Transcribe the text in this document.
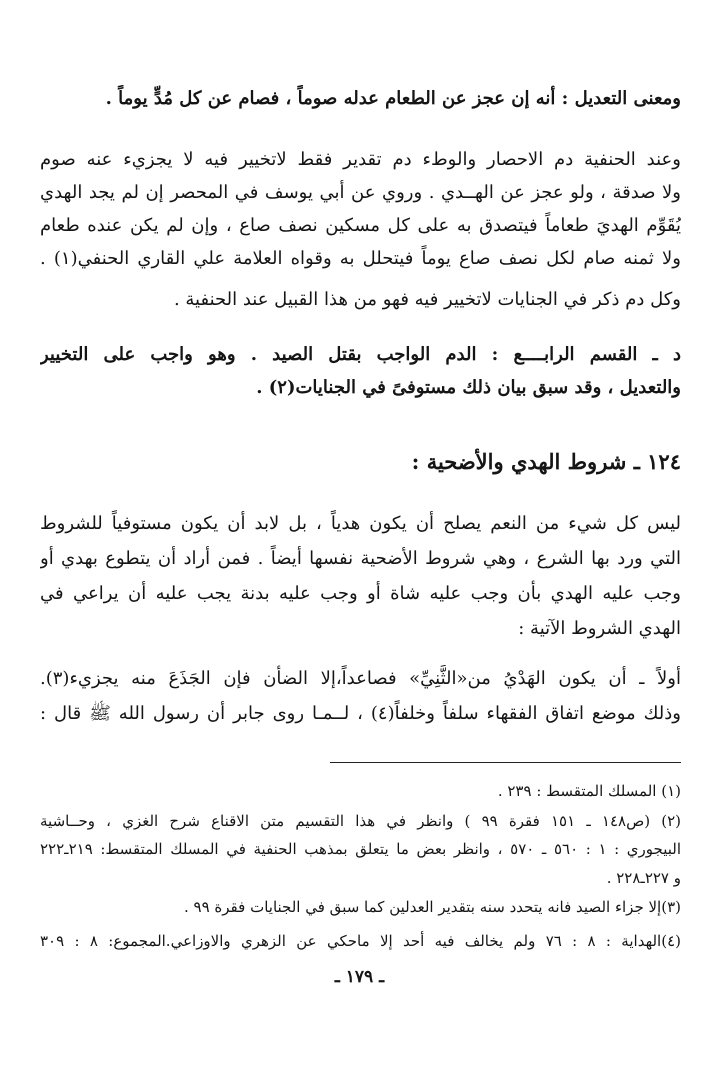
ومعنى التعديل : أنه إن عجز عن الطعام عدله صوماً ، فصام عن كل مُدٍّ يوماً .
وعند الحنفية دم الاحصار والوطء دم تقدير فقط لاتخيير فيه لا يجزيء عنه صوم
ولا صدقة ، ولو عجز عن الهــدي . وروي عن أبي يوسف في المحصر إن لم يجد الهدي
يُقَوِّم الهديَ طعاماً فيتصدق به على كل مسكين نصف صاع ، وإن لم يكن عنده طعام
ولا ثمنه صام لكل نصف صاع يوماً فيتحلل به وقواه العلامة علي القاري الحنفي(١) .
وكل دم ذكر في الجنايات لاتخيير فيه فهو من هذا القبيل عند الحنفية .
د ـ القسم الرابــــع : الدم الواجب بقتل الصيد . وهو واجب على التخيير
والتعديل ، وقد سبق بيان ذلك مستوفىً في الجنايات(٢) .
١٢٤ ـ شروط الهدي والأضحية :
ليس كل شيء من النعم يصلح أن يكون هدياً ، بل لابد أن يكون مستوفياً للشروط
التي ورد بها الشرع ، وهي شروط الأضحية نفسها أيضاً . فمن أراد أن يتطوع بهدي أو
وجب عليه الهدي بأن وجب عليه شاة أو وجب عليه بدنة يجب عليه أن يراعي في
الهدي الشروط الآتية :
أولاً ـ أن يكون الهَدْيُ من«الثَّنِيِّ» فصاعداً،إلا الضأن فإن الجَذَعَ منه يجزيء(٣).
وذلك موضع اتفاق الفقهاء سلفاً وخلفاً(٤) ، لــمـا روى جابر أن رسول الله ﷺ قال :
(١) المسلك المتقسط : ٢٣٩ .
(٢) (ص١٤٨ ـ ١٥١ فقرة ٩٩ ) وانظر في هذا التقسيم متن الاقناع شرح الغزي ، وحــاشية
البيجوري : ١ : ٥٦٠ ـ ٥٧٠ ، وانظر بعض ما يتعلق بمذهب الحنفية في المسلك المتقسط: ٢١٩ـ٢٢٢
و ٢٢٧ـ٢٢٨ .
(٣)إلا جزاء الصيد فانه يتحدد سنه بتقدير العدلين كما سبق في الجنايات فقرة ٩٩ .
(٤)الهداية : ٨ : ٧٦ ولم يخالف فيه أحد إلا ماحكي عن الزهري والاوزاعي.المجموع: ٨ : ٣٠٩
ـ ١٧٩ ـ
